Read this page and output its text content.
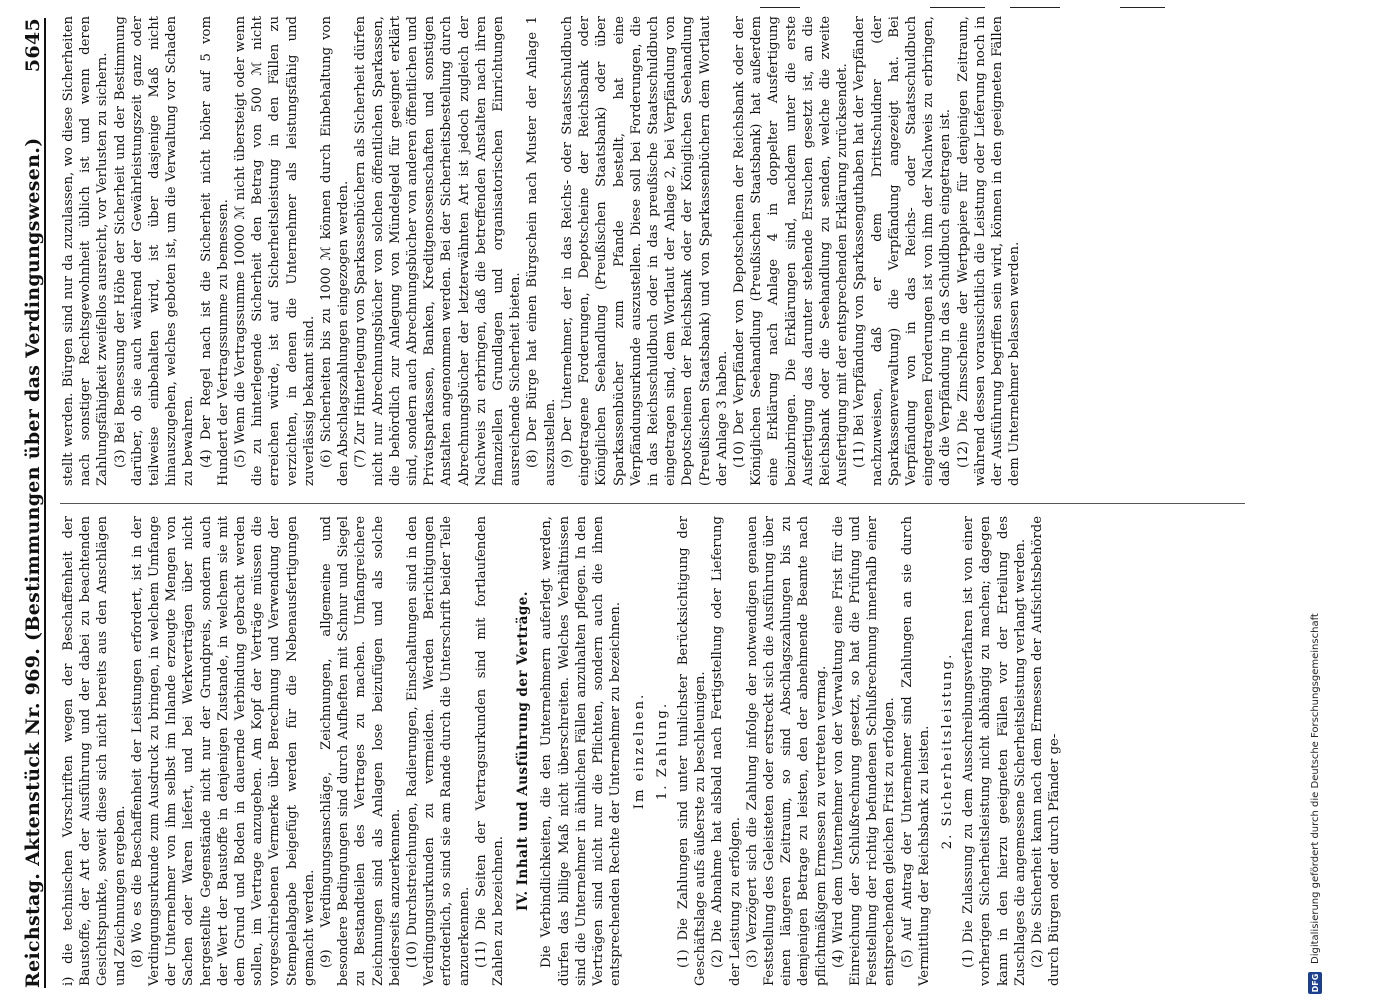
Reichstag. Aktenstück Nr. 969. (Bestimmungen über das Verdingungswesen.)
5645

i) die technischen Vorschriften wegen der Beschaffenheit der Baustoffe, der Art der Ausführung und der dabei zu beachtenden Gesichtspunkte, soweit diese sich nicht bereits aus den Anschlägen und Zeichnungen ergeben. (8) Wo es die Beschaffenheit der Leistungen erfordert, ist in der Verdingungsurkunde zum Ausdruck zu bringen, in welchem Umfange der Unternehmer von ihm selbst im Inlande erzeugte Mengen von Sachen oder Waren liefert, und bei Werkverträgen über nicht hergestellte Gegenstände nicht nur der Grundpreis, sondern auch der Wert der Baustoffe in denjenigen Zustande, in welchem sie mit dem Grund und Boden in dauernde Verbindung gebracht werden sollen, im Vertrage anzugeben. Am Kopf der Verträge müssen die vorgeschriebenen Vermerke über Berechnung und Verwendung der Stempelabgabe beigefügt werden für die Nebenausfertigungen gemacht werden. (9) Verdingungsanschläge, Zeichnungen, allgemeine und besondere Bedingungen sind durch Aufheften mit Schnur und Siegel zu Bestandteilen des Vertrages zu machen. Umfangreichere Zeichnungen sind als Anlagen lose beizufügen und als solche beiderseits anzuerkennen. (10) Durchstreichungen, Radierungen, Einschaltungen sind in den Verdingungsurkunden zu vermeiden. Werden Berichtigungen erforderlich, so sind sie am Rande durch die Unterschrift beider Teile anzuerkennen. (11) Die Seiten der Vertragsurkunden sind mit fortlaufenden Zahlen zu bezeichnen.

IV. Inhalt und Ausführung der Verträge. Die Verbindlichkeiten, die den Unternehmern auferlegt werden, dürfen das billige Maß nicht überschreiten. Welches Verhältnissen sind die Unternehmer in ähnlichen Fällen anzuhalten pflegen. In den Verträgen sind nicht nur die Pflichten, sondern auch die ihnen entsprechenden Rechte der Unternehmer zu bezeichnen. Im einzelnen. 1. Zahlung. (1) Die Zahlungen sind unter tunlichster Berücksichtigung der Geschäftslage aufs äußerste zu beschleunigen. (2) Die Abnahme hat alsbald nach Fertigstellung oder Lieferung der Leistung zu erfolgen. (3) Verzögert sich die Zahlung infolge der notwendigen genauen Feststellung des Geleisteten oder erstreckt sich die Ausführung über einen längeren Zeitraum, so sind Abschlagszahlungen bis zu demjenigen Betrage zu leisten, den der abnehmende Beamte nach pflichtmäßigem Ermessen zu vertreten vermag. (4) Wird dem Unternehmer von der Verwaltung eine Frist für die Einreichung der Schlußrechnung gesetzt, so hat die Prüfung und Feststellung der richtig befundenen Schlußrechnung innerhalb einer entsprechenden gleichen Frist zu erfolgen. (5) Auf Antrag der Unternehmer sind Zahlungen an sie durch Vermittlung der Reichsbank zu leisten. 2. Sicherheitsleistung. (1) Die Zulassung zu dem Ausschreibungsverfahren ist von einer vorherigen Sicherheitsleistung nicht abhängig zu machen; dagegen kann in den hierzu geeigneten Fällen vor der Erteilung des Zuschlages die angemessene Sicherheitsleistung verlangt werden. (2) Die Sicherheit kann nach dem Ermessen der Aufsichtsbehörde durch Bürgen oder durch Pfänder ge-

stellt werden. Bürgen sind nur da zuzulassen, wo diese Sicherheiten nach sonstiger Rechtsgewohnheit üblich ist und wenn deren Zahlungsfähigkeit zweifellos ausreicht, vor Verlusten zu sichern. (3) Bei Bemessung der Höhe der Sicherheit und der Bestimmung darüber, ob sie auch während der Gewährleistungszeit ganz oder teilweise einbehalten wird, ist über dasjenige Maß nicht hinauszugehen, welches geboten ist, um die Verwaltung vor Schaden zu bewahren. (4) Der Regel nach ist die Sicherheit nicht höher auf 5 vom Hundert der Vertragssumme zu bemessen. (5) Wenn die Vertragssumme 10000 ℳ nicht übersteigt oder wenn die zu hinterlegende Sicherheit den Betrag von 500 ℳ nicht erreichen würde, ist auf Sicherheitsleistung in den Fällen zu verzichten, in denen die Unternehmer als leistungsfähig und zuverlässig bekannt sind. (6) Sicherheiten bis zu 1000 ℳ können durch Einbehaltung von den Abschlagszahlungen eingezogen werden. (7) Zur Hinterlegung von Sparkassenbüchern als Sicherheit dürfen nicht nur Abrechnungsbücher von solchen öffentlichen Sparkassen, die behördlich zur Anlegung von Mündelgeld für geeignet erklärt sind, sondern auch Abrechnungsbücher von anderen öffentlichen und Privatsparkassen, Banken, Kreditgenossenschaften und sonstigen Anstalten angenommen werden. Bei der Sicherheitsbestellung durch Abrechnungsbücher der letzterwähnten Art ist jedoch zugleich der Nachweis zu erbringen, daß die betreffenden Anstalten nach ihren finanziellen Grundlagen und organisatorischen Einrichtungen ausreichende Sicherheit bieten. (8) Der Bürge hat einen Bürgschein nach Muster der Anlage 1 auszustellen. (9) Der Unternehmer, der in das Reichs- oder Staatsschuldbuch eingetragene Forderungen, Depotscheine der Reichsbank oder Königlichen Seehandlung (Preußischen Staatsbank) oder über Sparkassenbücher zum Pfande bestellt, hat eine Verpfändungsurkunde auszustellen. Diese soll bei Forderungen, die in das Reichsschuldbuch oder in das preußische Staatsschuldbuch eingetragen sind, dem Wortlaut der Anlage 2, bei Verpfändung von Depotscheinen der Reichsbank oder der Königlichen Seehandlung (Preußischen Staatsbank) und von Sparkassenbüchern dem Wortlaut der Anlage 3 haben. (10) Der Verpfänder von Depotscheinen der Reichsbank oder der Königlichen Seehandlung (Preußischen Staatsbank) hat außerdem eine Erklärung nach Anlage 4 in doppelter Ausfertigung beizubringen. Die Erklärungen sind, nachdem unter die erste Ausfertigung das darunter stehende Ersuchen gesetzt ist, an die Reichsbank oder die Seehandlung zu senden, welche die zweite Ausfertigung mit der entsprechenden Erklärung zurücksendet. (11) Bei Verpfändung von Sparkassenguthaben hat der Verpfänder nachzuweisen, daß er dem Drittschuldner (der Sparkassenverwaltung) die Verpfändung angezeigt hat. Bei Verpfändung von in das Reichs- oder Staatsschuldbuch eingetragenen Forderungen ist von ihm der Nachweis zu erbringen, daß die Verpfändung in das Schuldbuch eingetragen ist. (12) Die Zinsscheine der Wertpapiere für denjenigen Zeitraum, während dessen voraussichtlich die Leistung oder Lieferung noch in der Ausführung begriffen sein wird, können in den geeigneten Fällen dem Unternehmer belassen werden.

DFG
Digitalisierung gefördert durch die Deutsche Forschungsgemeinschaft
